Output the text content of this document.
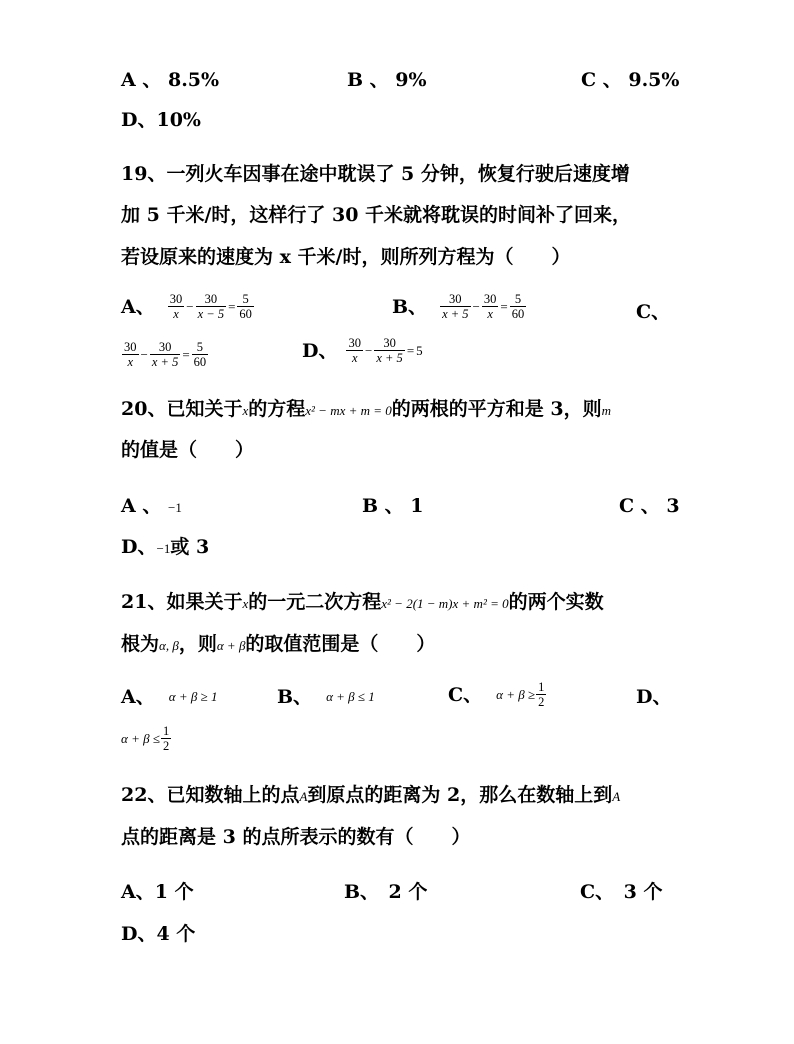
A 、 8.5%	B 、 9%	C 、 9.5%
D、10%
19、一列火车因事在途中耽误了 5 分钟，恢复行驶后速度增
加 5 千米/时，这样行了 30 千米就将耽误的时间补了回来，
若设原来的速度为 x 千米/时，则所列方程为（　　）
A、 $\frac{30}{x} - \frac{30}{x - 5} = \frac{5}{60}$	B、 $\frac{30}{x + 5} - \frac{30}{x} = \frac{5}{60}$	C、
$\frac{30}{x} - \frac{30}{x + 5} = \frac{5}{60}$	D、 $\frac{30}{x} - \frac{30}{x + 5} = 5$
20、已知关于x的方程x² − mx + m = 0的两根的平方和是 3，则m
的值是（　　）
A 、 −1	B 、 1	C 、 3
D、−1或 3
21、如果关于x的一元二次方程x² − 2(1 − m)x + m² = 0的两个实数
根为α, β，则α + β的取值范围是（　　）
A、 α + β ≥ 1	B、 α + β ≤ 1	C、 $\alpha + \beta \ge \frac{1}{2}$	D、
$\alpha + \beta \le \frac{1}{2}$
22、已知数轴上的点A到原点的距离为 2，那么在数轴上到A
点的距离是 3 的点所表示的数有（　　）
A、1 个	B、　2 个	C、　3 个
D、4 个
